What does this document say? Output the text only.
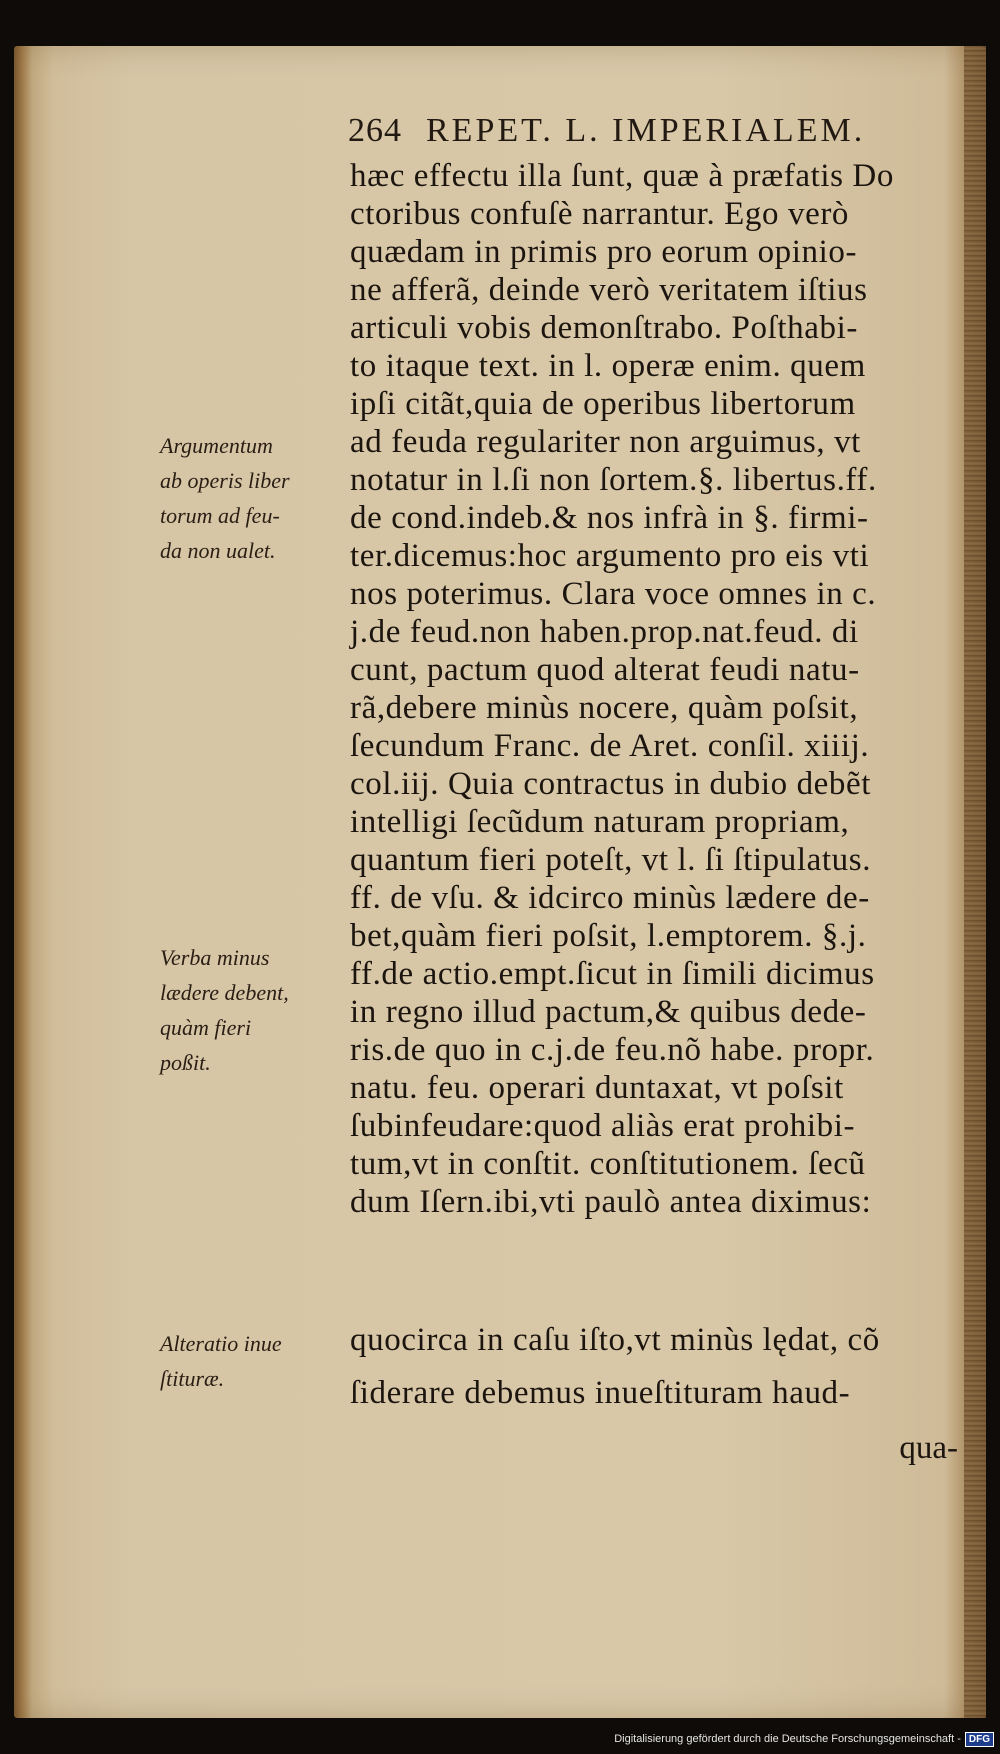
264 REPET. L. IMPERIALEM.
hæc effectu illa ſunt, quæ à præfatis Do
ctoribus confuſè narrantur. Ego verò
quædam in primis pro eorum opinio-
ne afferã, deinde verò veritatem iſtius
articuli vobis demonſtrabo. Poſthabi-
to itaque text. in l. operæ enim. quem
ipſi citãt,quia de operibus libertorum
ad feuda regulariter non arguimus, vt
notatur in l.ſi non ſortem.§. libertus.ff.
de cond.indeb.& nos infrà in §. firmi-
ter.dicemus:hoc argumento pro eis vti
nos poterimus. Clara voce omnes in c.
j.de feud.non haben.prop.nat.feud. di
cunt, pactum quod alterat feudi natu-
rã,debere minùs nocere, quàm poſsit,
ſecundum Franc. de Aret. conſil. xiiij.
col.iij. Quia contractus in dubio debẽt
intelligi ſecũdum naturam propriam,
quantum fieri poteſt, vt l. ſi ſtipulatus.
ff. de vſu. & idcirco minùs lædere de-
bet,quàm fieri poſsit, l.emptorem. §.j.
ff.de actio.empt.ſicut in ſimili dicimus
in regno illud pactum,& quibus dede-
ris.de quo in c.j.de feu.nõ habe. propr.
natu. feu. operari duntaxat, vt poſsit
ſubinfeudare:quod aliàs erat prohibi-
tum,vt in conſtit. conſtitutionem. ſecũ
dum Iſern.ibi,vti paulò antea diximus:
quocirca in caſu iſto,vt minùs lędat, cõ
ſiderare debemus inueſtituram haud-
qua-
Argumentum
ab operis liber
torum ad feu-
da non ualet.
Verba minus
lædere debent,
quàm fieri
poßit.
Alteratio inue
ſtituræ.
Digitalisierung gefördert durch die Deutsche Forschungsgemeinschaft - DFG
